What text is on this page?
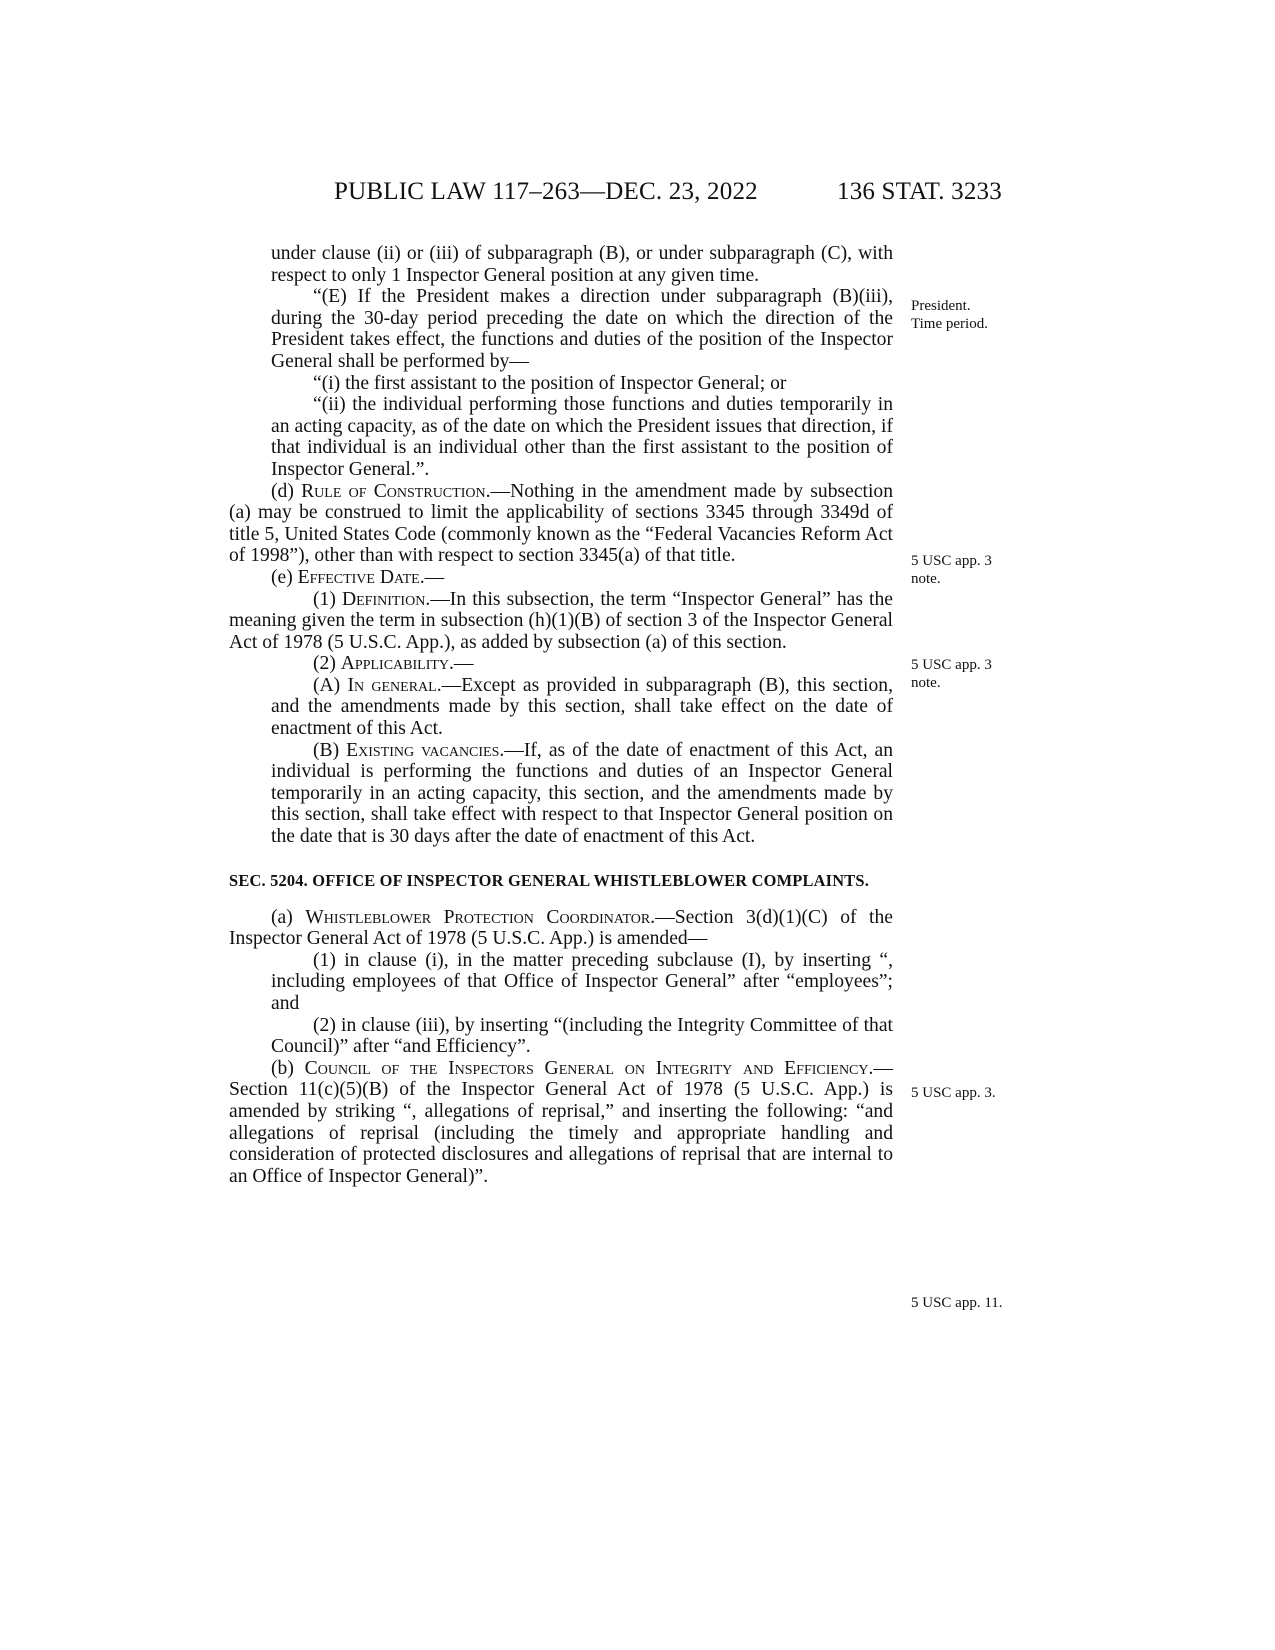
PUBLIC LAW 117–263—DEC. 23, 2022	136 STAT. 3233

under clause (ii) or (iii) of subparagraph (B), or under subparagraph (C), with respect to only 1 Inspector General position at any given time.

“(E) If the President makes a direction under subparagraph (B)(iii), during the 30-day period preceding the date on which the direction of the President takes effect, the functions and duties of the position of the Inspector General shall be performed by—

“(i) the first assistant to the position of Inspector General; or

“(ii) the individual performing those functions and duties temporarily in an acting capacity, as of the date on which the President issues that direction, if that individual is an individual other than the first assistant to the position of Inspector General.”.

(d) Rule of Construction.—Nothing in the amendment made by subsection (a) may be construed to limit the applicability of sections 3345 through 3349d of title 5, United States Code (commonly known as the “Federal Vacancies Reform Act of 1998”), other than with respect to section 3345(a) of that title.

(e) Effective Date.—

(1) Definition.—In this subsection, the term “Inspector General” has the meaning given the term in subsection (h)(1)(B) of section 3 of the Inspector General Act of 1978 (5 U.S.C. App.), as added by subsection (a) of this section.

(2) Applicability.—

(A) In general.—Except as provided in subparagraph (B), this section, and the amendments made by this section, shall take effect on the date of enactment of this Act.

(B) Existing vacancies.—If, as of the date of enactment of this Act, an individual is performing the functions and duties of an Inspector General temporarily in an acting capacity, this section, and the amendments made by this section, shall take effect with respect to that Inspector General position on the date that is 30 days after the date of enactment of this Act.

SEC. 5204. OFFICE OF INSPECTOR GENERAL WHISTLEBLOWER COMPLAINTS.

(a) Whistleblower Protection Coordinator.—Section 3(d)(1)(C) of the Inspector General Act of 1978 (5 U.S.C. App.) is amended—

(1) in clause (i), in the matter preceding subclause (I), by inserting “, including employees of that Office of Inspector General” after “employees”; and

(2) in clause (iii), by inserting “(including the Integrity Committee of that Council)” after “and Efficiency”.

(b) Council of the Inspectors General on Integrity and Efficiency.—Section 11(c)(5)(B) of the Inspector General Act of 1978 (5 U.S.C. App.) is amended by striking “, allegations of reprisal,” and inserting the following: “and allegations of reprisal (including the timely and appropriate handling and consideration of protected disclosures and allegations of reprisal that are internal to an Office of Inspector General)”.

President.
Time period.
5 USC app. 3
note.
5 USC app. 3
note.
5 USC app. 3.
5 USC app. 11.
